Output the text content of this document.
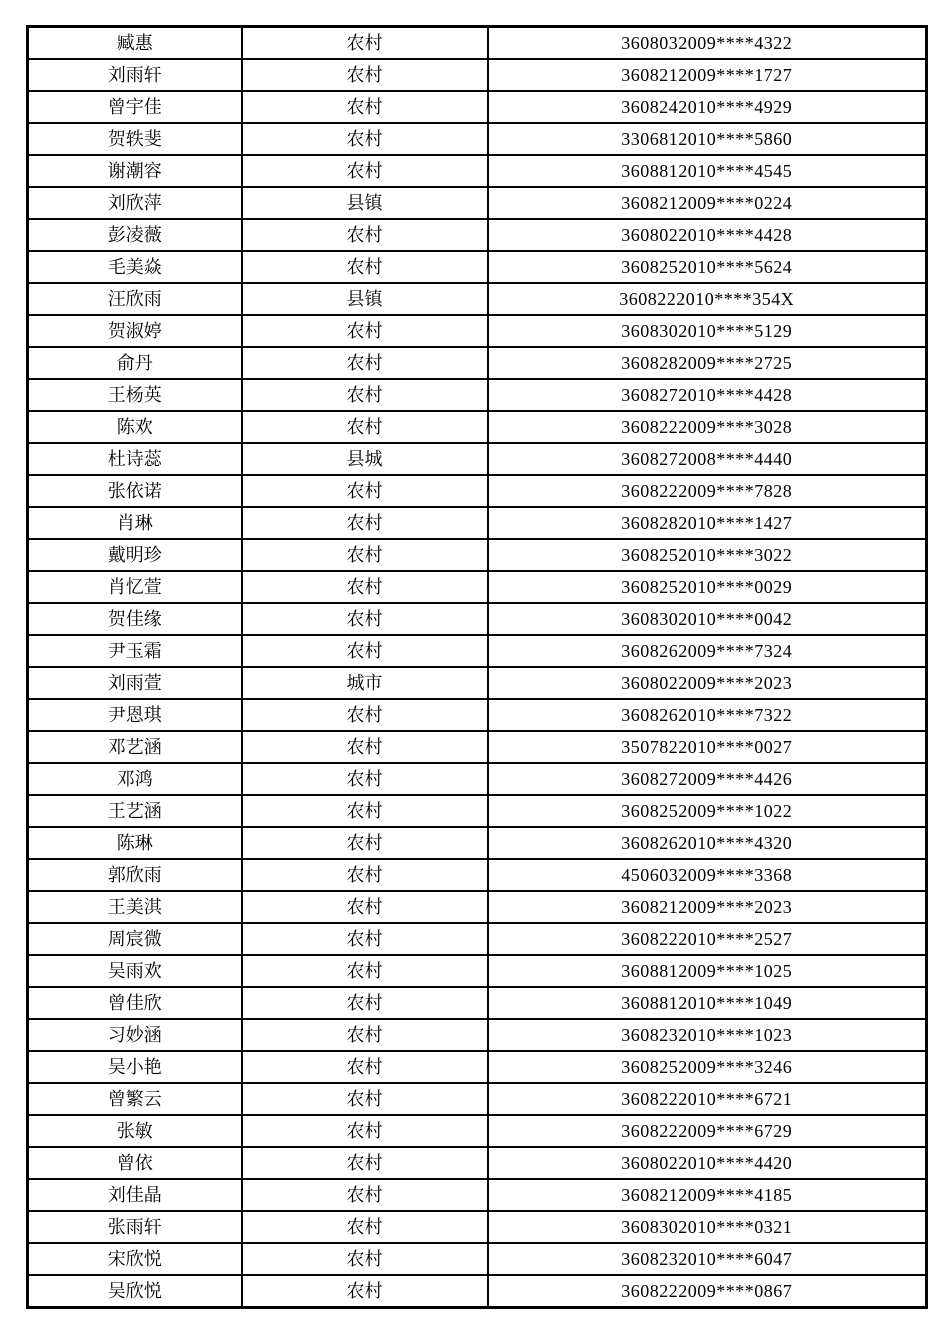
臧惠	农村	3608032009****4322
刘雨轩	农村	3608212009****1727
曾宇佳	农村	3608242010****4929
贺轶斐	农村	3306812010****5860
谢潮容	农村	3608812010****4545
刘欣萍	县镇	3608212009****0224
彭凌薇	农村	3608022010****4428
毛美焱	农村	3608252010****5624
汪欣雨	县镇	3608222010****354X
贺淑婷	农村	3608302010****5129
俞丹	农村	3608282009****2725
王杨英	农村	3608272010****4428
陈欢	农村	3608222009****3028
杜诗蕊	县城	3608272008****4440
张依诺	农村	3608222009****7828
肖琳	农村	3608282010****1427
戴明珍	农村	3608252010****3022
肖忆萱	农村	3608252010****0029
贺佳缘	农村	3608302010****0042
尹玉霜	农村	3608262009****7324
刘雨萱	城市	3608022009****2023
尹恩琪	农村	3608262010****7322
邓艺涵	农村	3507822010****0027
邓鸿	农村	3608272009****4426
王艺涵	农村	3608252009****1022
陈琳	农村	3608262010****4320
郭欣雨	农村	4506032009****3368
王美淇	农村	3608212009****2023
周宸微	农村	3608222010****2527
吴雨欢	农村	3608812009****1025
曾佳欣	农村	3608812010****1049
习妙涵	农村	3608232010****1023
吴小艳	农村	3608252009****3246
曾繁云	农村	3608222010****6721
张敏	农村	3608222009****6729
曾依	农村	3608022010****4420
刘佳晶	农村	3608212009****4185
张雨轩	农村	3608302010****0321
宋欣悦	农村	3608232010****6047
吴欣悦	农村	3608222009****0867
